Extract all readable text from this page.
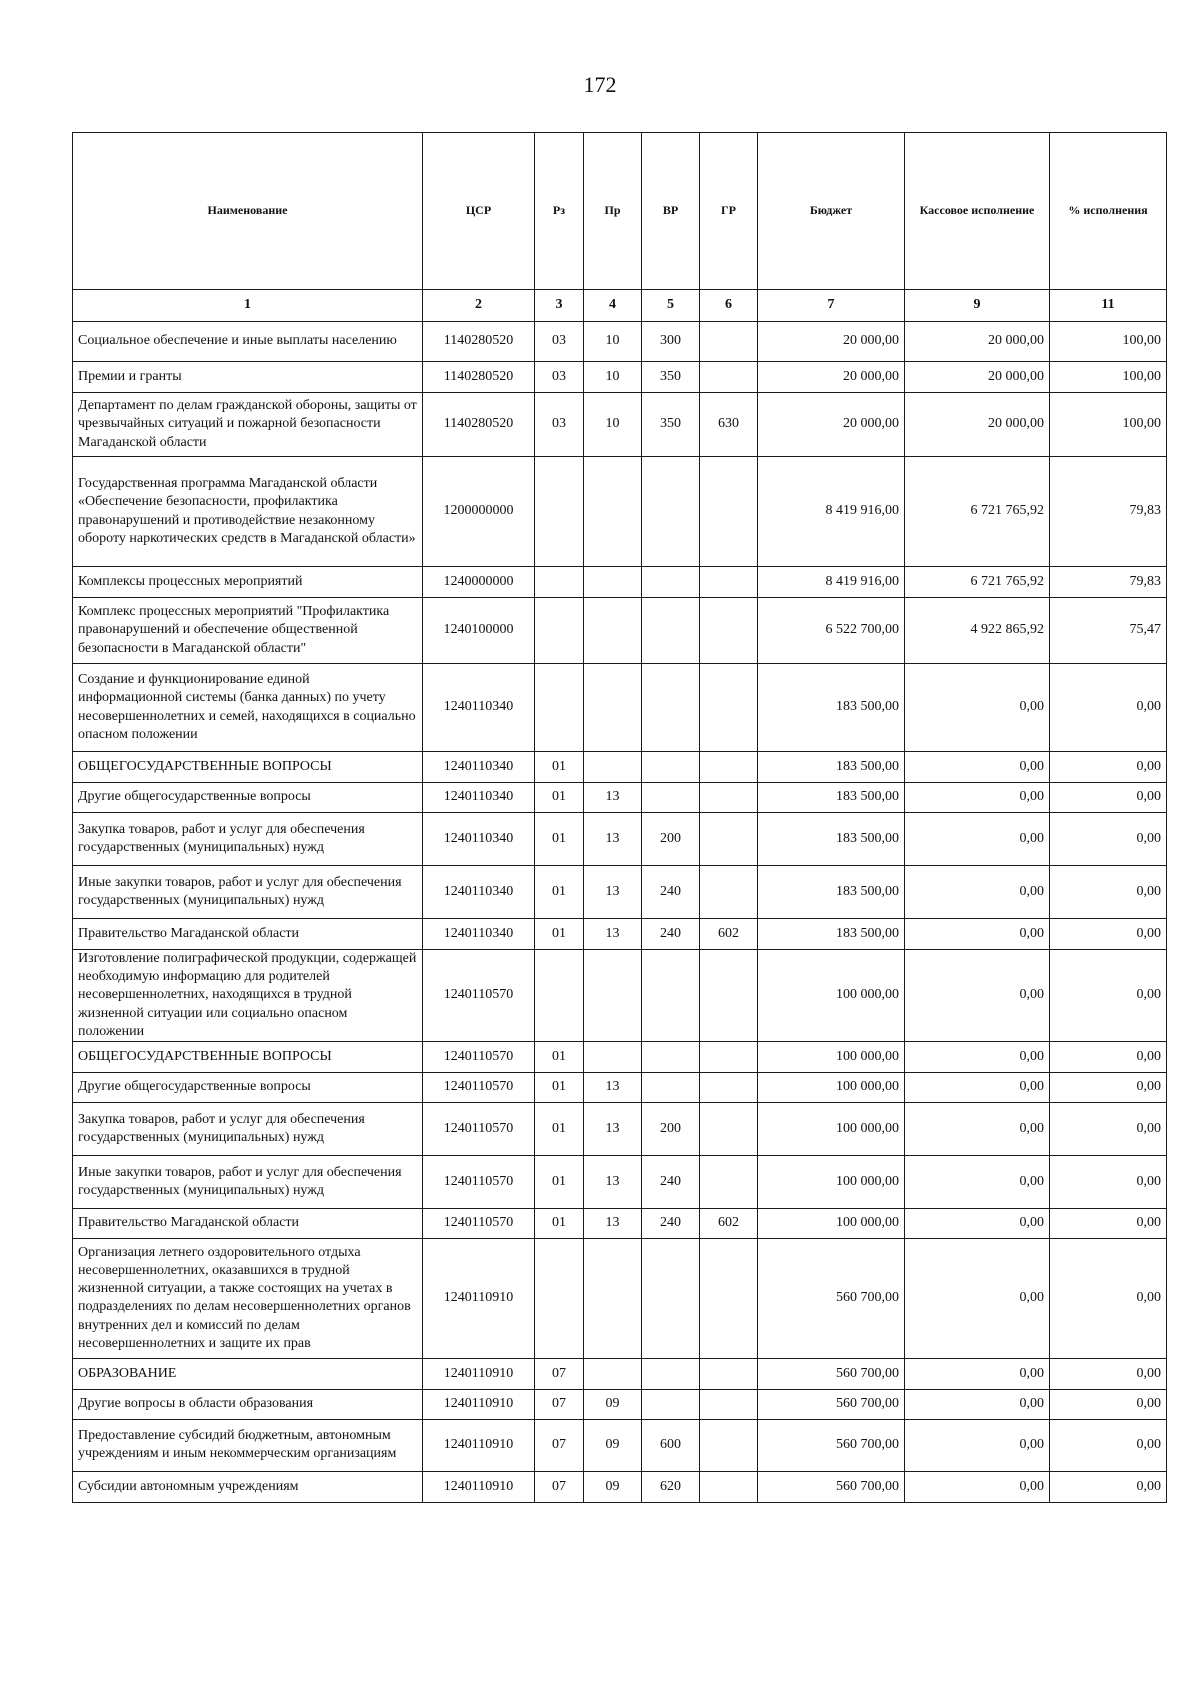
172
Наименование	ЦСР	Рз	Пр	ВР	ГР	Бюджет	Кассовое исполнение	% исполнения
1	2	3	4	5	6	7	9	11
Социальное обеспечение и иные выплаты населению	1140280520	03	10	300		20 000,00	20 000,00	100,00
Премии и гранты	1140280520	03	10	350		20 000,00	20 000,00	100,00
Департамент по делам гражданской обороны, защиты от чрезвычайных ситуаций и пожарной безопасности Магаданской области	1140280520	03	10	350	630	20 000,00	20 000,00	100,00
Государственная программа Магаданской области «Обеспечение безопасности, профилактика правонарушений и противодействие незаконному обороту наркотических средств в Магаданской области»	1200000000					8 419 916,00	6 721 765,92	79,83
Комплексы процессных мероприятий	1240000000					8 419 916,00	6 721 765,92	79,83
Комплекс процессных мероприятий "Профилактика правонарушений и обеспечение общественной безопасности в Магаданской области"	1240100000					6 522 700,00	4 922 865,92	75,47
Создание и функционирование единой информационной системы (банка данных) по учету несовершеннолетних и семей, находящихся в социально опасном положении	1240110340					183 500,00	0,00	0,00
ОБЩЕГОСУДАРСТВЕННЫЕ ВОПРОСЫ	1240110340	01				183 500,00	0,00	0,00
Другие общегосударственные вопросы	1240110340	01	13			183 500,00	0,00	0,00
Закупка товаров, работ и услуг для обеспечения государственных (муниципальных) нужд	1240110340	01	13	200		183 500,00	0,00	0,00
Иные закупки товаров, работ и услуг для обеспечения государственных (муниципальных) нужд	1240110340	01	13	240		183 500,00	0,00	0,00
Правительство Магаданской области	1240110340	01	13	240	602	183 500,00	0,00	0,00
Изготовление полиграфической продукции, содержащей необходимую информацию для родителей несовершеннолетних, находящихся в трудной жизненной ситуации или социально опасном положении	1240110570					100 000,00	0,00	0,00
ОБЩЕГОСУДАРСТВЕННЫЕ ВОПРОСЫ	1240110570	01				100 000,00	0,00	0,00
Другие общегосударственные вопросы	1240110570	01	13			100 000,00	0,00	0,00
Закупка товаров, работ и услуг для обеспечения государственных (муниципальных) нужд	1240110570	01	13	200		100 000,00	0,00	0,00
Иные закупки товаров, работ и услуг для обеспечения государственных (муниципальных) нужд	1240110570	01	13	240		100 000,00	0,00	0,00
Правительство Магаданской области	1240110570	01	13	240	602	100 000,00	0,00	0,00
Организация летнего оздоровительного отдыха несовершеннолетних, оказавшихся в трудной жизненной ситуации, а также состоящих на учетах в подразделениях по делам несовершеннолетних органов внутренних дел и комиссий по делам несовершеннолетних и защите их прав	1240110910					560 700,00	0,00	0,00
ОБРАЗОВАНИЕ	1240110910	07				560 700,00	0,00	0,00
Другие вопросы в области образования	1240110910	07	09			560 700,00	0,00	0,00
Предоставление субсидий бюджетным, автономным учреждениям и иным некоммерческим организациям	1240110910	07	09	600		560 700,00	0,00	0,00
Субсидии автономным учреждениям	1240110910	07	09	620		560 700,00	0,00	0,00
